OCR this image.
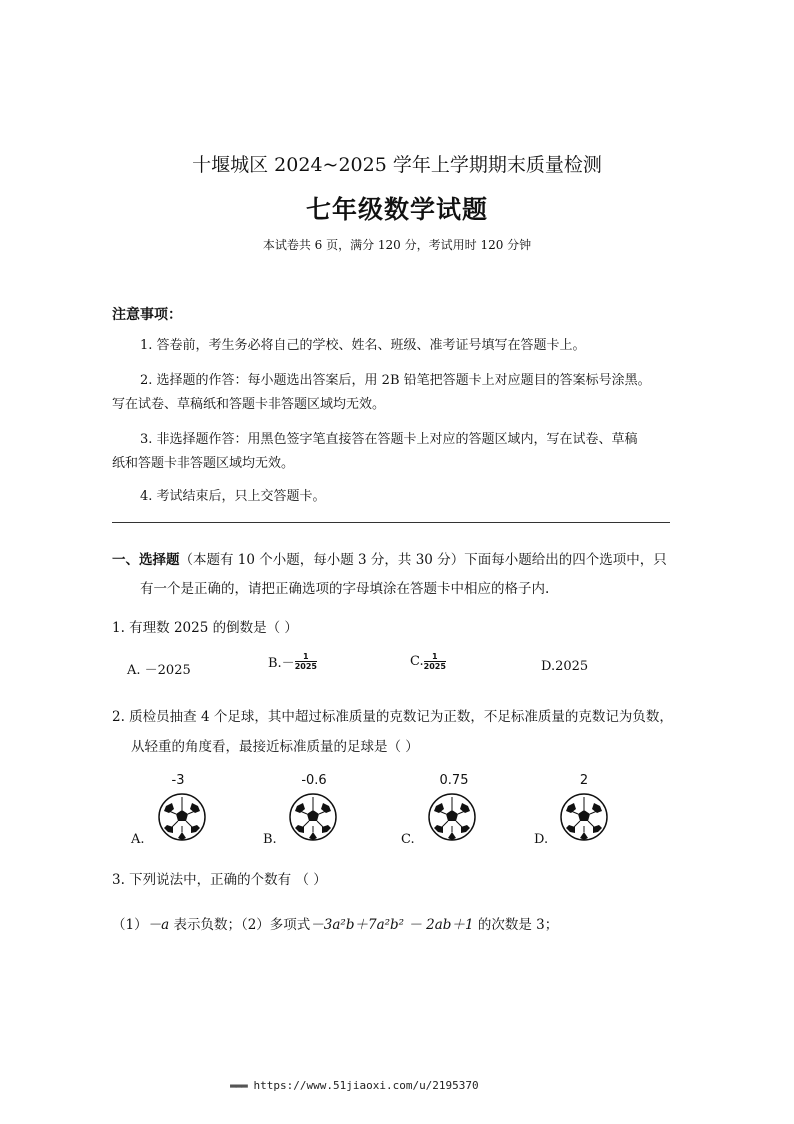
十堰城区 2024~2025 学年上学期期末质量检测
七年级数学试题
本试卷共 6 页，满分 120 分，考试用时 120 分钟
注意事项：
1. 答卷前，考生务必将自己的学校、姓名、班级、准考证号填写在答题卡上。
2. 选择题的作答：每小题选出答案后，用 2B 铅笔把答题卡上对应题目的答案标号涂黑。
写在试卷、草稿纸和答题卡非答题区域均无效。
3. 非选择题作答：用黑色签字笔直接答在答题卡上对应的答题区域内，写在试卷、草稿
纸和答题卡非答题区域均无效。
4. 考试结束后，只上交答题卡。
一、选择题（本题有 10 个小题，每小题 3 分，共 30 分）下面每小题给出的四个选项中，只
有一个是正确的，请把正确选项的字母填涂在答题卡中相应的格子内.
1. 有理数 2025 的倒数是（ ）
A. －2025	$B.- \frac{1}{2025}$	C. $\frac{1}{2025}$	D.2025
2. 质检员抽查 4 个足球，其中超过标准质量的克数记为正数，不足标准质量的克数记为负数，
从轻重的角度看，最接近标准质量的足球是（ ）
-3
A.
-0.6
B.
0.75
C.
2
D.
3. 下列说法中，正确的个数有 （ ）
（1）－a 表示负数；（2）多项式－3a²b＋7a²b² － 2ab＋1 的次数是 3；
▬▬▬ https://www.51jiaoxi.com/u/2195370
